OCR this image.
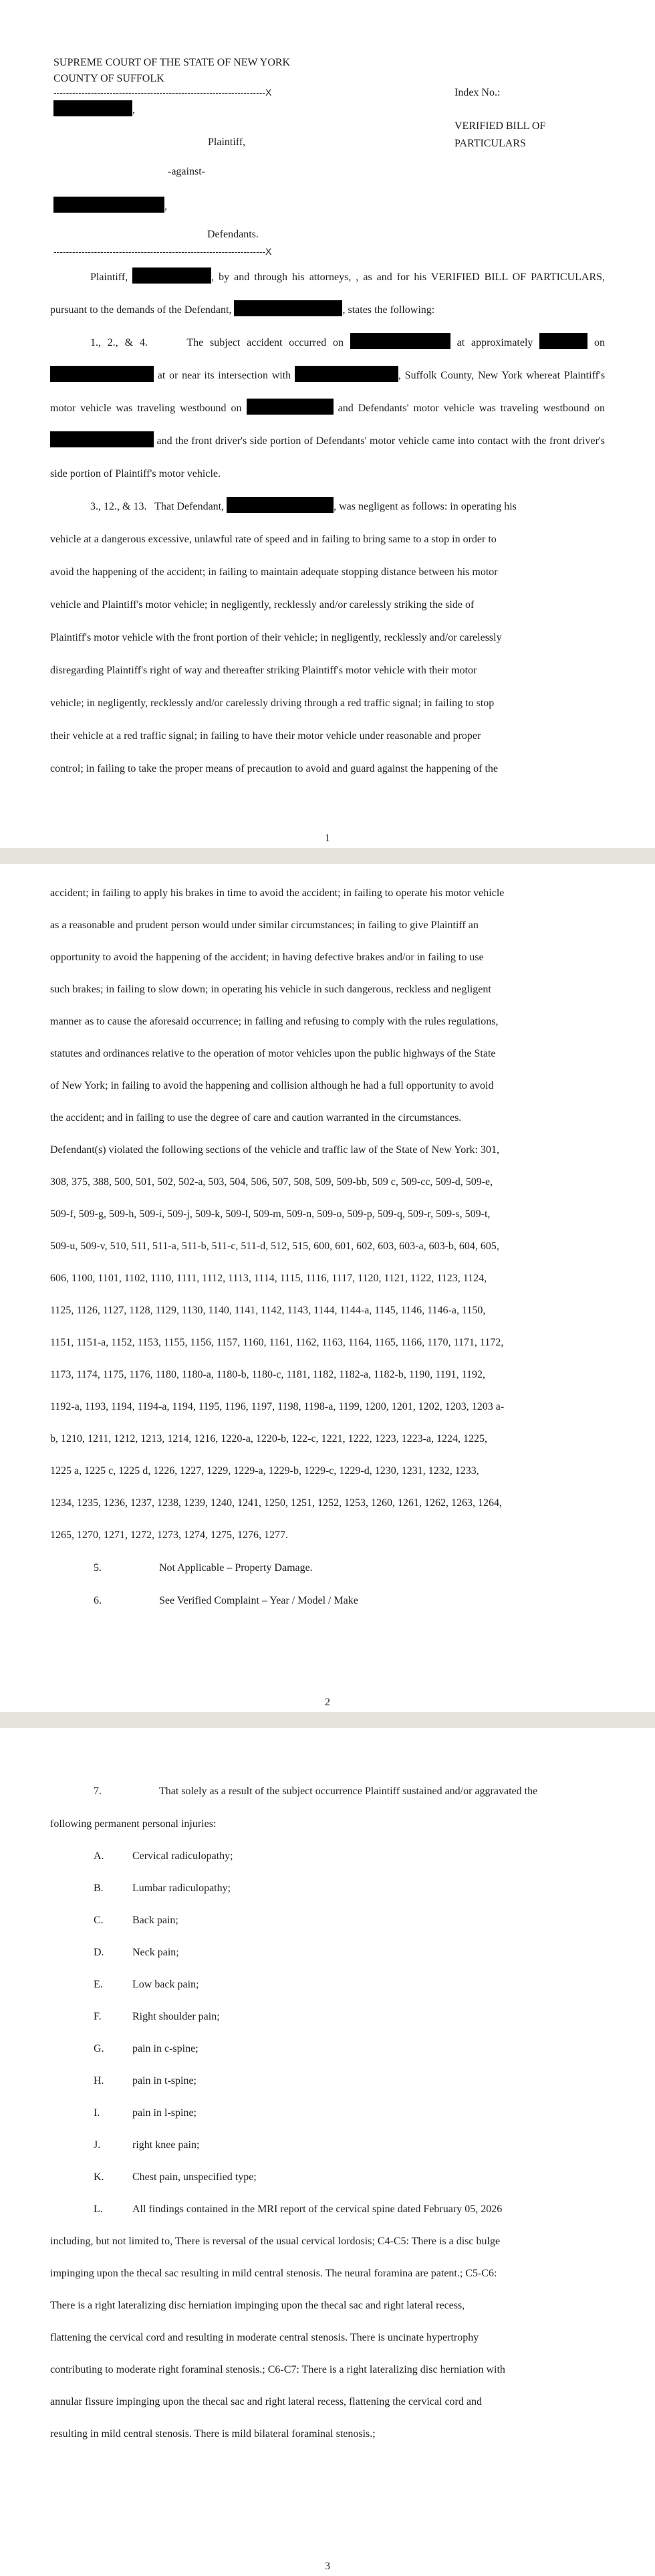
SUPREME COURT OF THE STATE OF NEW YORK
COUNTY OF SUFFOLK
--------------------------------------------------------------------X	Index No.:
,
VERIFIED BILL OF
PARTICULARS
Plaintiff,
-against-
,
Defendants.
--------------------------------------------------------------------X

Plaintiff,	, by and through his attorneys, , as and for his VERIFIED BILL OF PARTICULARS, pursuant to the demands of the Defendant,	, states the following:

1., 2., & 4.	The subject accident occurred on	at approximately	on  at or near its intersection with	, Suffolk County, New York whereat Plaintiff's motor vehicle was traveling westbound on	and Defendants' motor vehicle was traveling westbound on  and the front driver's side portion of Defendants' motor vehicle came into contact with the front driver's side portion of Plaintiff's motor vehicle.

3., 12., & 13. That Defendant,	, was negligent as follows: in operating his

vehicle at a dangerous excessive, unlawful rate of speed and in failing to bring same to a stop in order to
avoid the happening of the accident; in failing to maintain adequate stopping distance between his motor
vehicle and Plaintiff's motor vehicle; in negligently, recklessly and/or carelessly striking the side of
Plaintiff's motor vehicle with the front portion of their vehicle; in negligently, recklessly and/or carelessly
disregarding Plaintiff's right of way and thereafter striking Plaintiff's motor vehicle with their motor
vehicle; in negligently, recklessly and/or carelessly driving through a red traffic signal; in failing to stop
their vehicle at a red traffic signal; in failing to have their motor vehicle under reasonable and proper
control; in failing to take the proper means of precaution to avoid and guard against the happening of the
1
accident; in failing to apply his brakes in time to avoid the accident; in failing to operate his motor vehicle
as a reasonable and prudent person would under similar circumstances; in failing to give Plaintiff an
opportunity to avoid the happening of the accident; in having defective brakes and/or in failing to use
such brakes; in failing to slow down; in operating his vehicle in such dangerous, reckless and negligent
manner as to cause the aforesaid occurrence; in failing and refusing to comply with the rules regulations,
statutes and ordinances relative to the operation of motor vehicles upon the public highways of the State
of New York; in failing to avoid the happening and collision although he had a full opportunity to avoid
the accident; and in failing to use the degree of care and caution warranted in the circumstances.
Defendant(s) violated the following sections of the vehicle and traffic law of the State of New York: 301,
308, 375, 388, 500, 501, 502, 502-a, 503, 504, 506, 507, 508, 509, 509-bb, 509 c, 509-cc, 509-d, 509-e,
509-f, 509-g, 509-h, 509-i, 509-j, 509-k, 509-l, 509-m, 509-n, 509-o, 509-p, 509-q, 509-r, 509-s, 509-t,
509-u, 509-v, 510, 511, 511-a, 511-b, 511-c, 511-d, 512, 515, 600, 601, 602, 603, 603-a, 603-b, 604, 605,
606, 1100, 1101, 1102, 1110, 1111, 1112, 1113, 1114, 1115, 1116, 1117, 1120, 1121, 1122, 1123, 1124,
1125, 1126, 1127, 1128, 1129, 1130, 1140, 1141, 1142, 1143, 1144, 1144-a, 1145, 1146, 1146-a, 1150,
1151, 1151-a, 1152, 1153, 1155, 1156, 1157, 1160, 1161, 1162, 1163, 1164, 1165, 1166, 1170, 1171, 1172,
1173, 1174, 1175, 1176, 1180, 1180-a, 1180-b, 1180-c, 1181, 1182, 1182-a, 1182-b, 1190, 1191, 1192,
1192-a, 1193, 1194, 1194-a, 1194, 1195, 1196, 1197, 1198, 1198-a, 1199, 1200, 1201, 1202, 1203, 1203 a-
b, 1210, 1211, 1212, 1213, 1214, 1216, 1220-a, 1220-b, 122-c, 1221, 1222, 1223, 1223-a, 1224, 1225,
1225 a, 1225 c, 1225 d, 1226, 1227, 1229, 1229-a, 1229-b, 1229-c, 1229-d, 1230, 1231, 1232, 1233,
1234, 1235, 1236, 1237, 1238, 1239, 1240, 1241, 1250, 1251, 1252, 1253, 1260, 1261, 1262, 1263, 1264,
1265, 1270, 1271, 1272, 1273, 1274, 1275, 1276, 1277.
5.	Not Applicable – Property Damage.
6.	See Verified Complaint – Year / Model / Make
2
7.	That solely as a result of the subject occurrence Plaintiff sustained and/or aggravated the
following permanent personal injuries:
A.	Cervical radiculopathy;
B.	Lumbar radiculopathy;
C.	Back pain;
D.	Neck pain;
E.	Low back pain;
F.	Right shoulder pain;
G.	pain in c-spine;
H.	pain in t-spine;
I.	pain in l-spine;
J.	right knee pain;
K.	Chest pain, unspecified type;
L.	All findings contained in the MRI report of the cervical spine dated February 05, 2026
including, but not limited to, There is reversal of the usual cervical lordosis; C4-C5: There is a disc bulge
impinging upon the thecal sac resulting in mild central stenosis. The neural foramina are patent.; C5-C6:
There is a right lateralizing disc herniation impinging upon the thecal sac and right lateral recess,
flattening the cervical cord and resulting in moderate central stenosis. There is uncinate hypertrophy
contributing to moderate right foraminal stenosis.; C6-C7: There is a right lateralizing disc herniation with
annular fissure impinging upon the thecal sac and right lateral recess, flattening the cervical cord and
resulting in mild central stenosis. There is mild bilateral foraminal stenosis.;
3
